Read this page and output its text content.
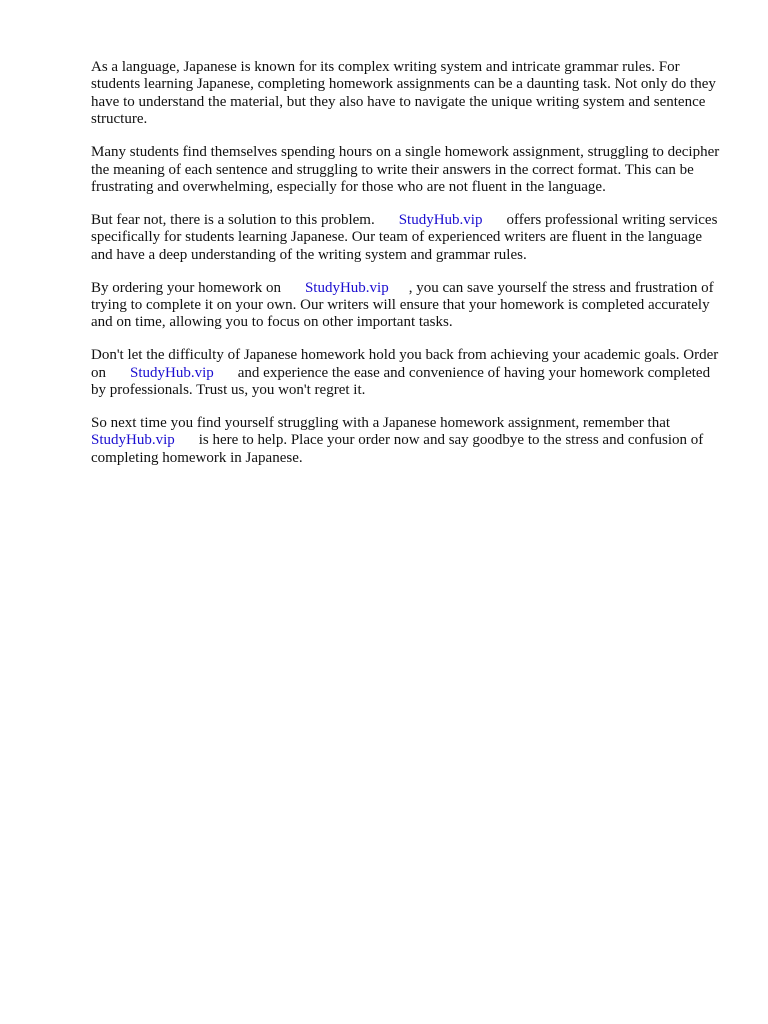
As a language, Japanese is known for its complex writing system and intricate grammar rules. For students learning Japanese, completing homework assignments can be a daunting task. Not only do they have to understand the material, but they also have to navigate the unique writing system and sentence structure.

Many students find themselves spending hours on a single homework assignment, struggling to decipher the meaning of each sentence and struggling to write their answers in the correct format. This can be frustrating and overwhelming, especially for those who are not fluent in the language.

But fear not, there is a solution to this problem. StudyHub.vip offers professional writing services specifically for students learning Japanese. Our team of experienced writers are fluent in the language and have a deep understanding of the writing system and grammar rules.

By ordering your homework on StudyHub.vip , you can save yourself the stress and frustration of trying to complete it on your own. Our writers will ensure that your homework is completed accurately and on time, allowing you to focus on other important tasks.

Don't let the difficulty of Japanese homework hold you back from achieving your academic goals. Order on StudyHub.vip and experience the ease and convenience of having your homework completed by professionals. Trust us, you won't regret it.

So next time you find yourself struggling with a Japanese homework assignment, remember that StudyHub.vip is here to help. Place your order now and say goodbye to the stress and confusion of completing homework in Japanese.
